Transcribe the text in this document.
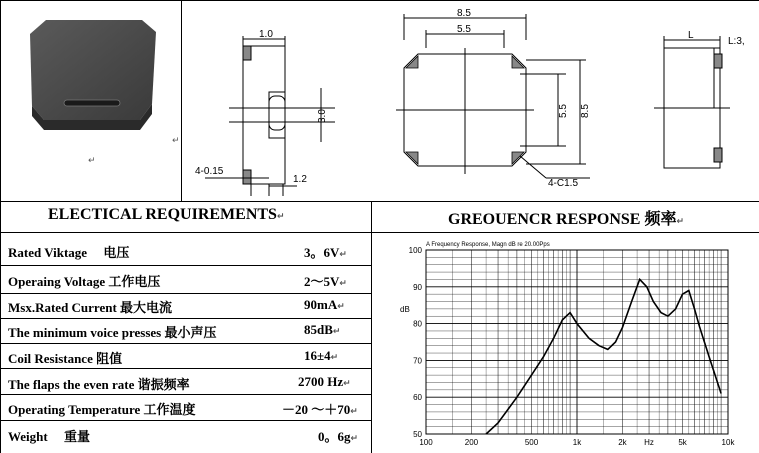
↵
↵
1.0
3.0
4-0.15
1.2
8.5
5.5
5.5 8.5
4-C1.5
L
L:3,
ELECTICAL REQUIREMENTS↵	GREOUENCR RESPONSE 频率↵
Rated Viktage　 电压	3。6V↵
Operaing Voltage 工作电压	2～5V↵
Msx.Rated Current 最大电流	90mA↵
The minimum voice presses 最小声压	85dB↵
Coil Resistance 阻值	16±4↵
The flaps the even rate 谐振频率	2700 Hz↵
Operating Temperature 工作温度	－20 ～＋70↵
Weight　 重量	0。6g↵
A Frequency Response, Magn dB re 20.00Pps
dB
100
90
80
70
60
50
100	200	500	1k	2k Hz	5k	10k
